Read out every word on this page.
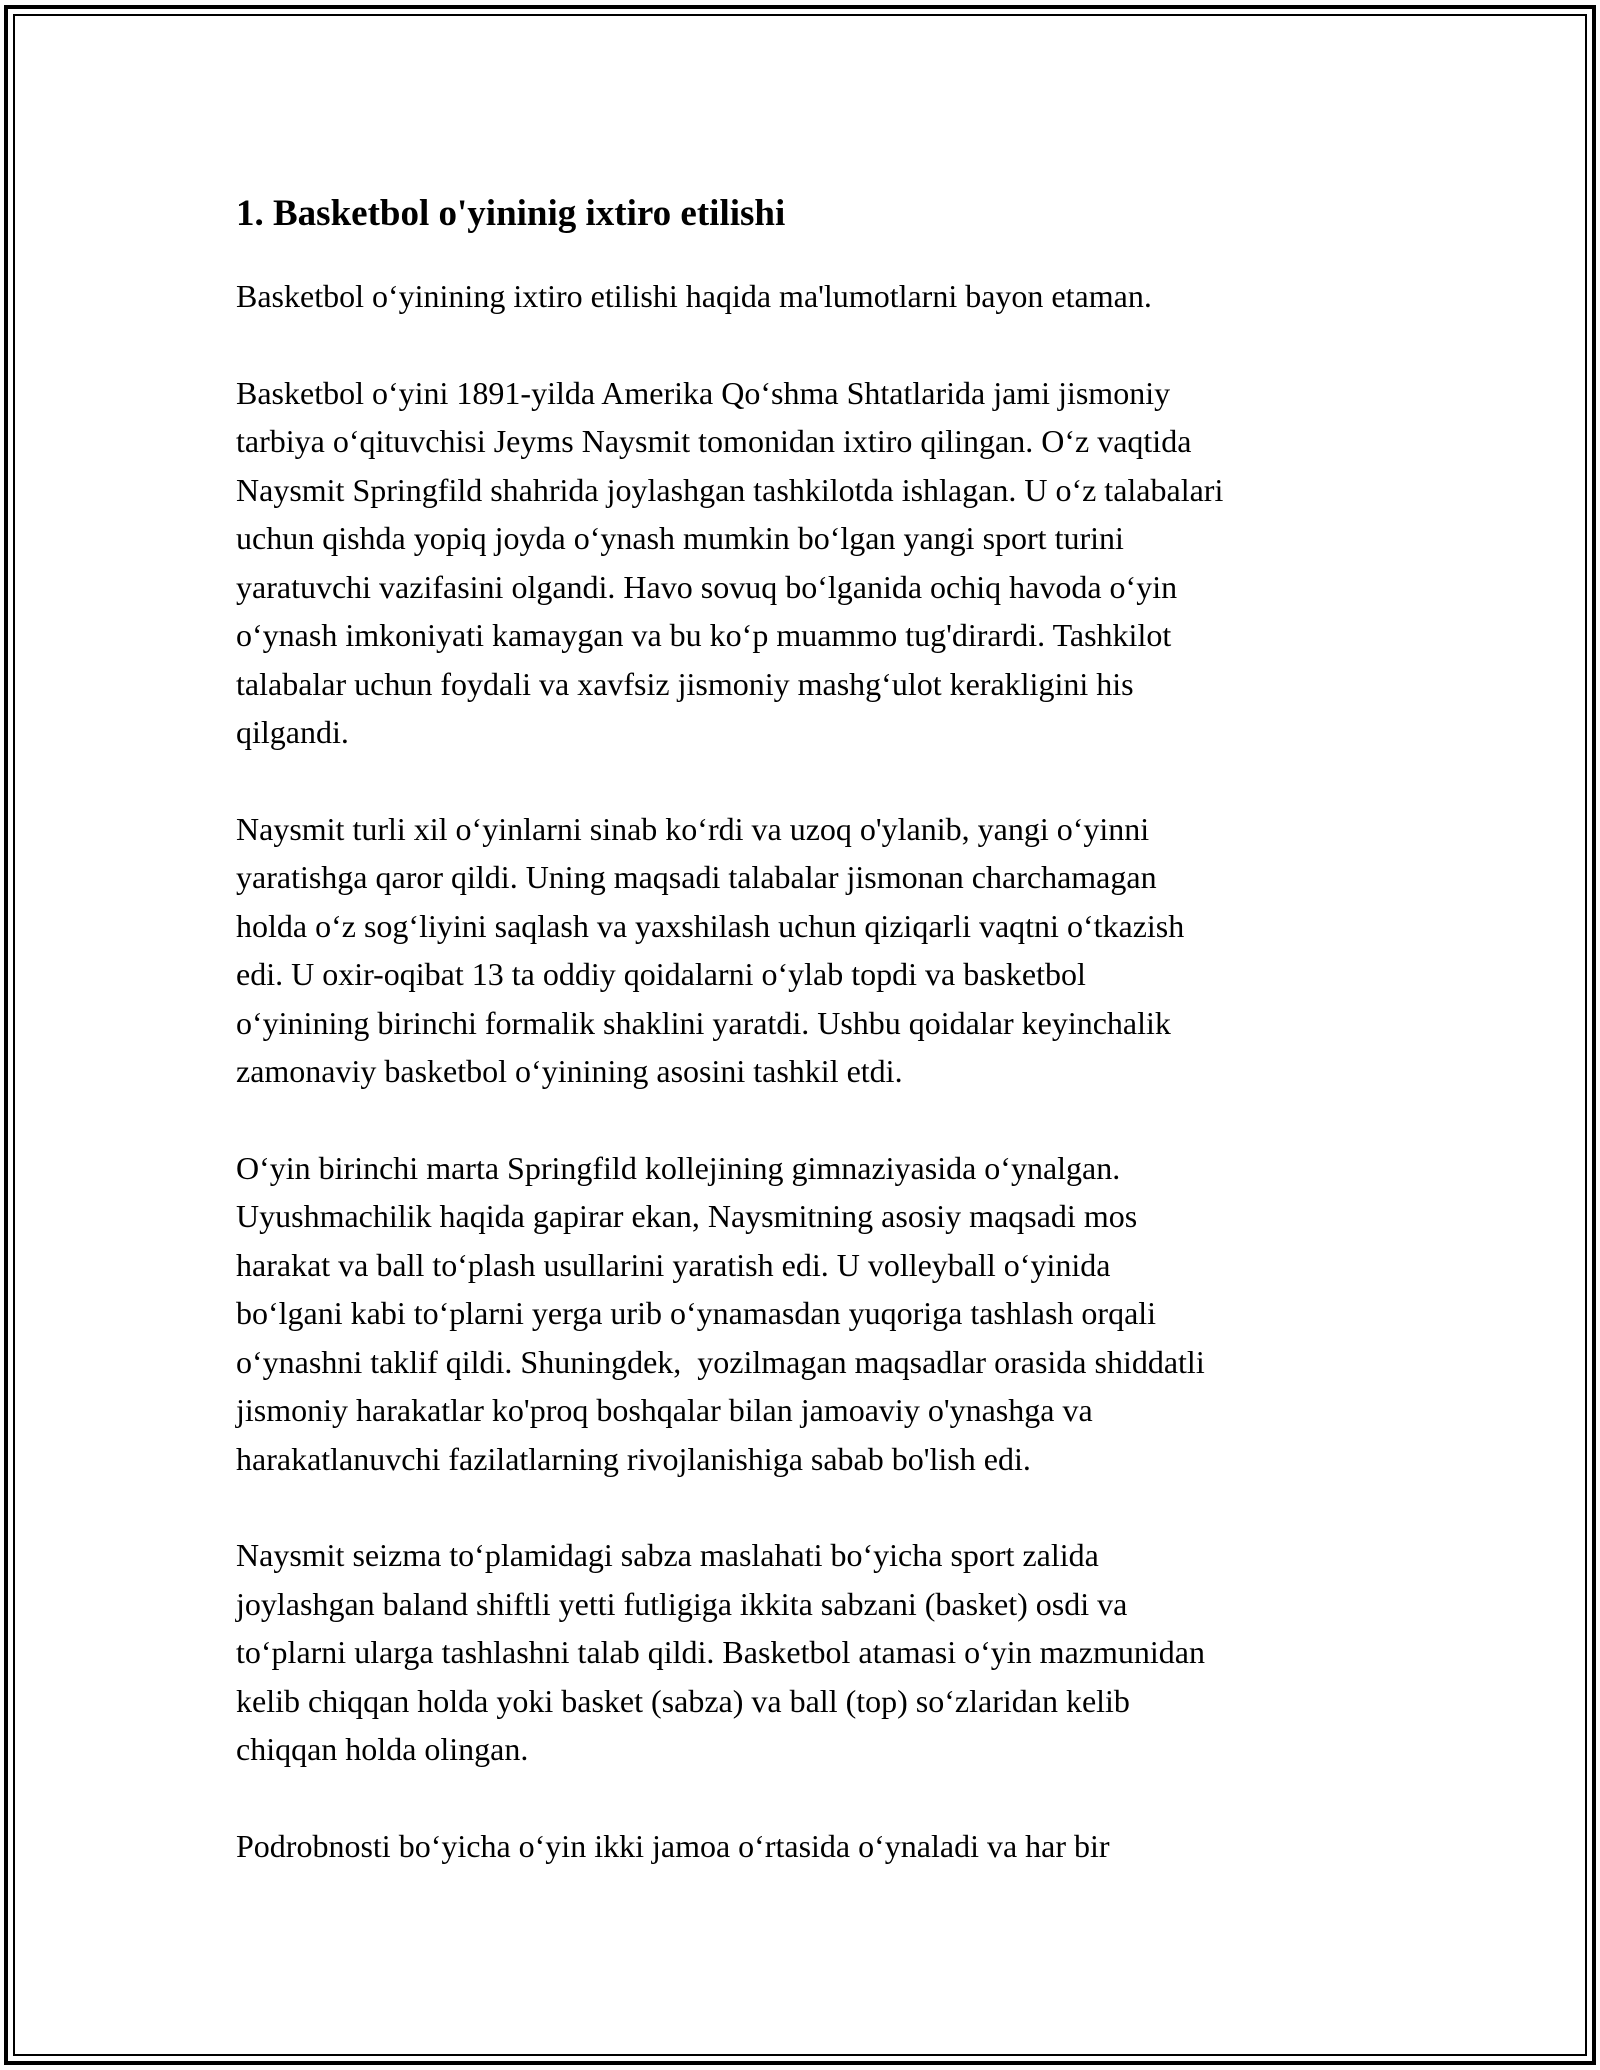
1. Basketbol o'yininig ixtiro etilishi

Basketbol o‘yinining ixtiro etilishi haqida ma'lumotlarni bayon etaman.

Basketbol o‘yini 1891-yilda Amerika Qo‘shma Shtatlarida jami jismoniy
tarbiya o‘qituvchisi Jeyms Naysmit tomonidan ixtiro qilingan. O‘z vaqtida
Naysmit Springfild shahrida joylashgan tashkilotda ishlagan. U o‘z talabalari
uchun qishda yopiq joyda o‘ynash mumkin bo‘lgan yangi sport turini
yaratuvchi vazifasini olgandi. Havo sovuq bo‘lganida ochiq havoda o‘yin
o‘ynash imkoniyati kamaygan va bu ko‘p muammo tug'dirardi. Tashkilot
talabalar uchun foydali va xavfsiz jismoniy mashg‘ulot kerakligini his
qilgandi.

Naysmit turli xil o‘yinlarni sinab ko‘rdi va uzoq o'ylanib, yangi o‘yinni
yaratishga qaror qildi. Uning maqsadi talabalar jismonan charchamagan
holda o‘z sog‘liyini saqlash va yaxshilash uchun qiziqarli vaqtni o‘tkazish
edi. U oxir-oqibat 13 ta oddiy qoidalarni o‘ylab topdi va basketbol
o‘yinining birinchi formalik shaklini yaratdi. Ushbu qoidalar keyinchalik
zamonaviy basketbol o‘yinining asosini tashkil etdi.

O‘yin birinchi marta Springfild kollejining gimnaziyasida o‘ynalgan.
Uyushmachilik haqida gapirar ekan, Naysmitning asosiy maqsadi mos
harakat va ball to‘plash usullarini yaratish edi. U volleyball o‘yinida
bo‘lgani kabi to‘plarni yerga urib o‘ynamasdan yuqoriga tashlash orqali
o‘ynashni taklif qildi. Shuningdek,  yozilmagan maqsadlar orasida shiddatli
jismoniy harakatlar ko'proq boshqalar bilan jamoaviy o'ynashga va
harakatlanuvchi fazilatlarning rivojlanishiga sabab bo'lish edi.

Naysmit seizma to‘plamidagi sabza maslahati bo‘yicha sport zalida
joylashgan baland shiftli yetti futligiga ikkita sabzani (basket) osdi va
to‘plarni ularga tashlashni talab qildi. Basketbol atamasi o‘yin mazmunidan
kelib chiqqan holda yoki basket (sabza) va ball (top) so‘zlaridan kelib
chiqqan holda olingan.

Podrobnosti bo‘yicha o‘yin ikki jamoa o‘rtasida o‘ynaladi va har bir
